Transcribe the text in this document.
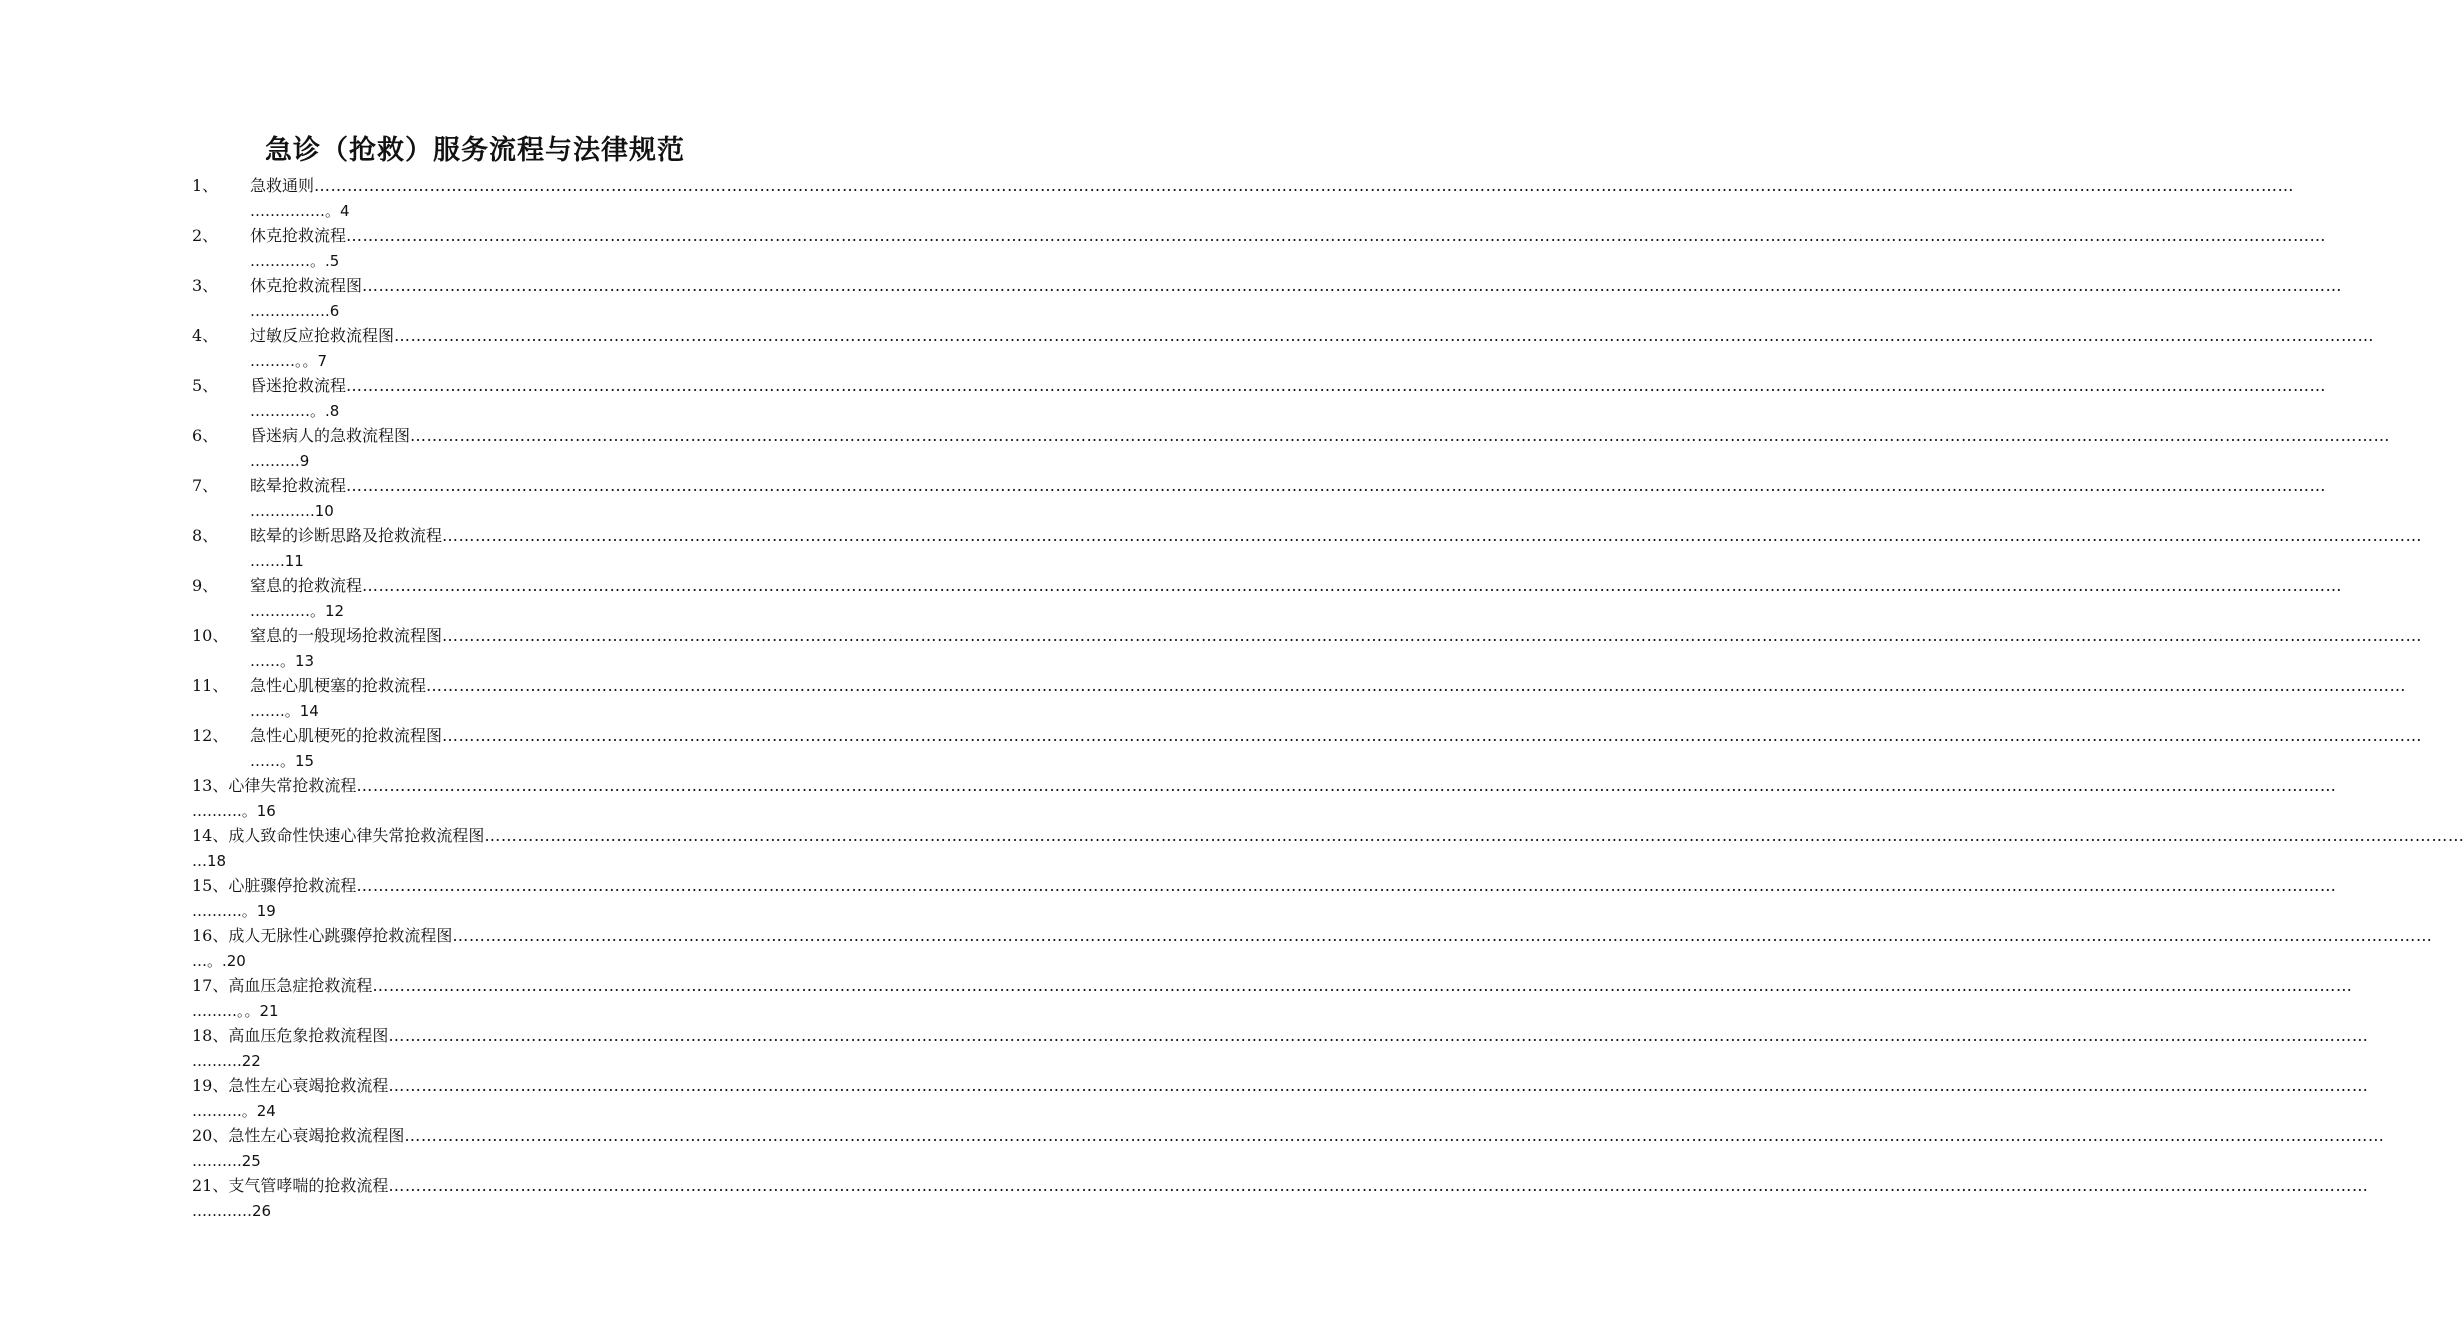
急诊（抢救）服务流程与法律规范
1、 急救通则………………………………………………………………………………………………………………………………………………………………………………………………………………………………………………………………………………………………………………………………
……………。4
2、 休克抢救流程………………………………………………………………………………………………………………………………………………………………………………………………………………………………………………………………………………………………………………………………
…………。.5
3、 休克抢救流程图………………………………………………………………………………………………………………………………………………………………………………………………………………………………………………………………………………………………………………………………
…………….6
4、 过敏反应抢救流程图………………………………………………………………………………………………………………………………………………………………………………………………………………………………………………………………………………………………………………………………
………。。7
5、 昏迷抢救流程………………………………………………………………………………………………………………………………………………………………………………………………………………………………………………………………………………………………………………………………
…………。.8
6、 昏迷病人的急救流程图………………………………………………………………………………………………………………………………………………………………………………………………………………………………………………………………………………………………………………………………
……….9
7、 眩晕抢救流程………………………………………………………………………………………………………………………………………………………………………………………………………………………………………………………………………………………………………………………………
………….10
8、 眩晕的诊断思路及抢救流程………………………………………………………………………………………………………………………………………………………………………………………………………………………………………………………………………………………………………………………………
…….11
9、 窒息的抢救流程………………………………………………………………………………………………………………………………………………………………………………………………………………………………………………………………………………………………………………………………
…………。12
10、 窒息的一般现场抢救流程图………………………………………………………………………………………………………………………………………………………………………………………………………………………………………………………………………………………………………………………………
……。13
11、 急性心肌梗塞的抢救流程………………………………………………………………………………………………………………………………………………………………………………………………………………………………………………………………………………………………………………………………
…….。14
12、 急性心肌梗死的抢救流程图………………………………………………………………………………………………………………………………………………………………………………………………………………………………………………………………………………………………………………………………
……。15
13、心律失常抢救流程………………………………………………………………………………………………………………………………………………………………………………………………………………………………………………………………………………………………………………………………
……….。16
14、成人致命性快速心律失常抢救流程图………………………………………………………………………………………………………………………………………………………………………………………………………………………………………………………………………………………………………………………………
…18
15、心脏骤停抢救流程………………………………………………………………………………………………………………………………………………………………………………………………………………………………………………………………………………………………………………………………
……….。19
16、成人无脉性心跳骤停抢救流程图………………………………………………………………………………………………………………………………………………………………………………………………………………………………………………………………………………………………………………………………
…。.20
17、高血压急症抢救流程………………………………………………………………………………………………………………………………………………………………………………………………………………………………………………………………………………………………………………………………
………。。21
18、高血压危象抢救流程图………………………………………………………………………………………………………………………………………………………………………………………………………………………………………………………………………………………………………………………………
……….22
19、急性左心衰竭抢救流程………………………………………………………………………………………………………………………………………………………………………………………………………………………………………………………………………………………………………………………………
……….。24
20、急性左心衰竭抢救流程图………………………………………………………………………………………………………………………………………………………………………………………………………………………………………………………………………………………………………………………………
……….25
21、支气管哮喘的抢救流程………………………………………………………………………………………………………………………………………………………………………………………………………………………………………………………………………………………………………………………………
…………26
